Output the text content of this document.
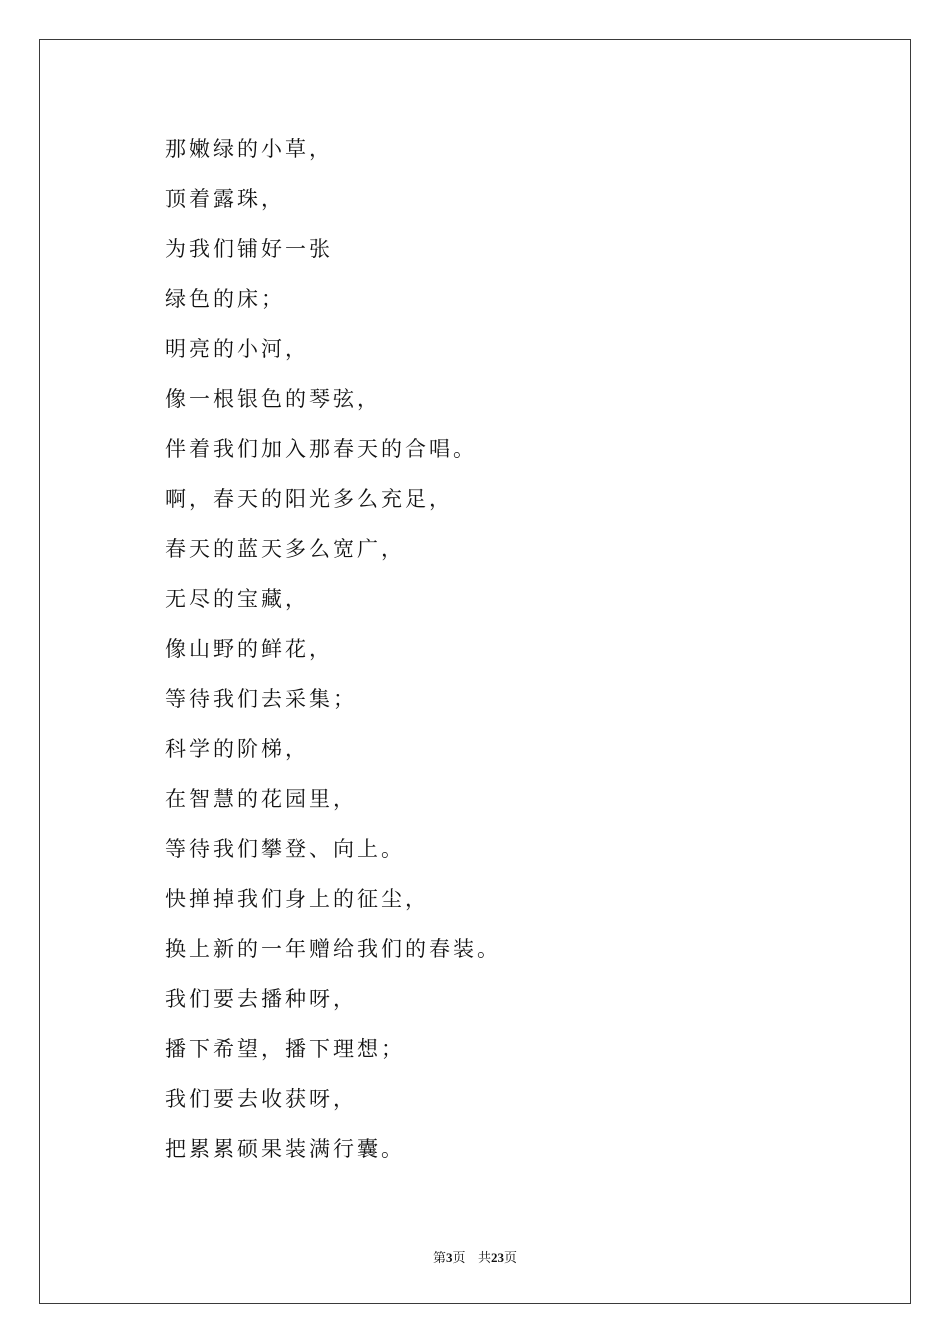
那嫩绿的小草，
顶着露珠，
为我们铺好一张
绿色的床；
明亮的小河，
像一根银色的琴弦，
伴着我们加入那春天的合唱。
啊，春天的阳光多么充足，
春天的蓝天多么宽广，
无尽的宝藏，
像山野的鲜花，
等待我们去采集；
科学的阶梯，
在智慧的花园里，
等待我们攀登、向上。
快掸掉我们身上的征尘，
换上新的一年赠给我们的春装。
我们要去播种呀，
播下希望，播下理想；
我们要去收获呀，
把累累硕果装满行囊。
第3页 共23页
